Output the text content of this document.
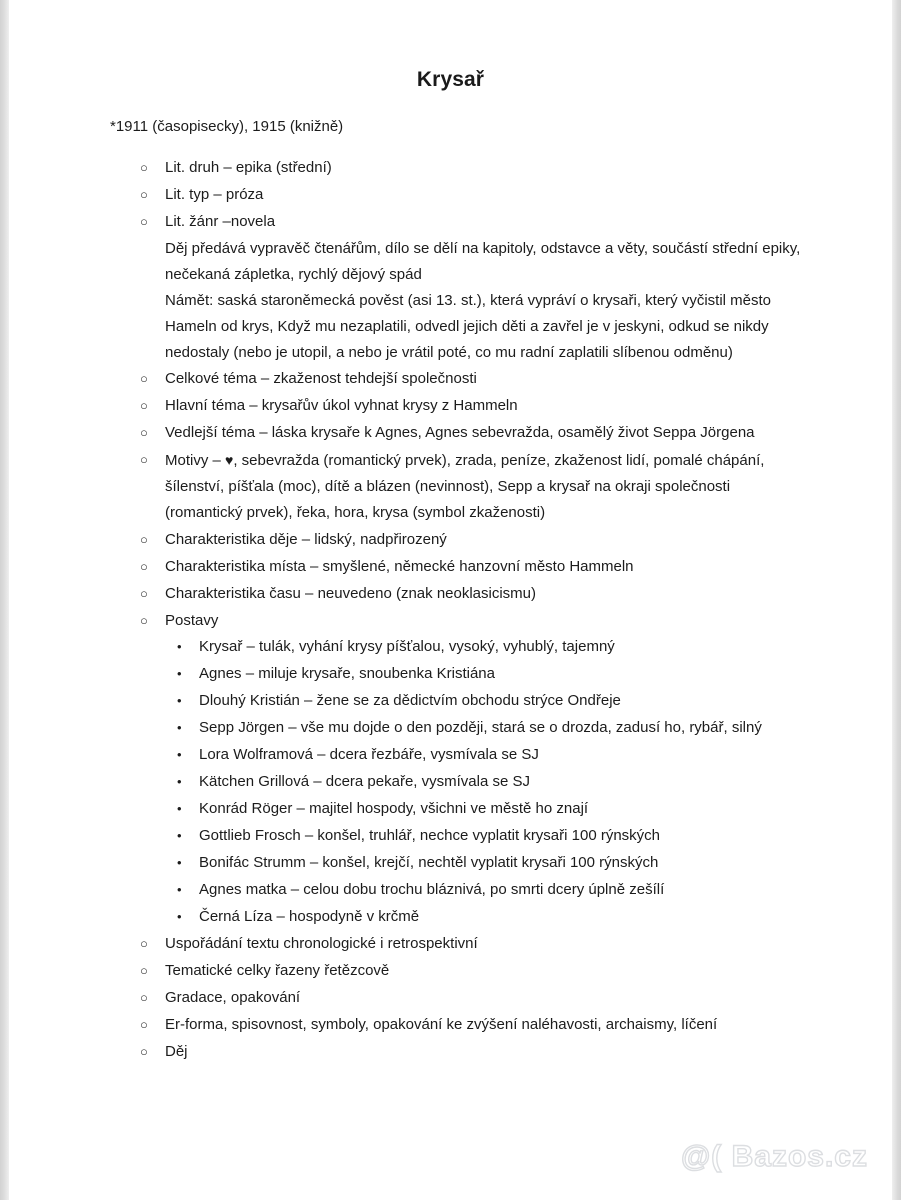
Krysař
*1911 (časopisecky), 1915 (knižně)
○ Lit. druh – epika (střední)
○ Lit. typ – próza
○ Lit. žánr –novela
Děj předává vypravěč čtenářům, dílo se dělí na kapitoly, odstavce a věty, součástí střední epiky, nečekaná zápletka, rychlý dějový spád
Námět: saská staroněmecká pověst (asi 13. st.), která vypráví o krysaři, který vyčistil město Hameln od krys, Když mu nezaplatili, odvedl jejich děti a zavřel je v jeskyni, odkud se nikdy nedostaly (nebo je utopil, a nebo je vrátil poté, co mu radní zaplatili slíbenou odměnu)
○ Celkové téma – zkaženost tehdejší společnosti
○ Hlavní téma – krysařův úkol vyhnat krysy z Hammeln
○ Vedlejší téma – láska krysaře k Agnes, Agnes sebevražda, osamělý život Seppa Jörgena
○ Motivy – ♥, sebevražda (romantický prvek), zrada, peníze, zkaženost lidí, pomalé chápání, šílenství, píšťala (moc), dítě a blázen (nevinnost), Sepp a krysař na okraji společnosti (romantický prvek), řeka, hora, krysa (symbol zkaženosti)
○ Charakteristika děje – lidský, nadpřirozený
○ Charakteristika místa – smyšlené, německé hanzovní město Hammeln
○ Charakteristika času – neuvedeno (znak neoklasicismu)
○ Postavy
• Krysař – tulák, vyhání krysy píšťalou, vysoký, vyhublý, tajemný
• Agnes – miluje krysaře, snoubenka Kristiána
• Dlouhý Kristián – žene se za dědictvím obchodu strýce Ondřeje
• Sepp Jörgen – vše mu dojde o den později, stará se o drozda, zadusí ho, rybář, silný
• Lora Wolframová – dcera řezbáře, vysmívala se SJ
• Kätchen Grillová – dcera pekaře, vysmívala se SJ
• Konrád Röger – majitel hospody, všichni ve městě ho znají
• Gottlieb Frosch – konšel, truhlář, nechce vyplatit krysaři 100 rýnských
• Bonifác Strumm – konšel, krejčí, nechtěl vyplatit krysaři 100 rýnských
• Agnes matka – celou dobu trochu bláznivá, po smrti dcery úplně zešílí
• Černá Líza – hospodyně v krčmě
○ Uspořádání textu chronologické i retrospektivní
○ Tematické celky řazeny řetězcově
○ Gradace, opakování
○ Er-forma, spisovnost, symboly, opakování ke zvýšení naléhavosti, archaismy, líčení
○ Děj
@( Bazos.cz
